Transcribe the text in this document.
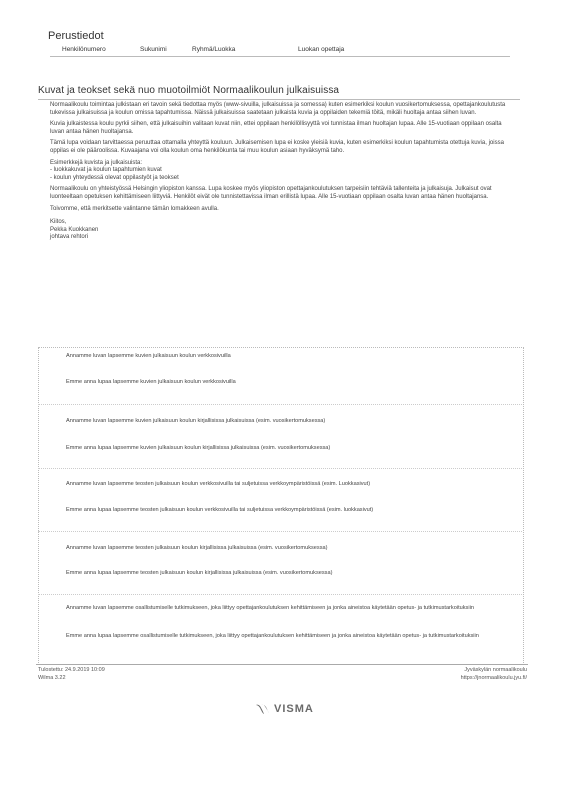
Perustiedot
Henkilönumero	Sukunimi	Ryhmä/Luokka	Luokan opettaja
Kuvat ja teokset sekä nuo muotoilmiöt Normaalikoulun julkaisuissa

Normaalikoulu toimintaa julkistaan eri tavoin sekä tiedottaa myös (www-sivuilla, julkaisuissa ja somessa) kuten esimerkiksi koulun vuosikertomuksessa, opettajankoulutusta tukevissa julkaisuissa ja koulun omissa tapahtumissa. Näissä julkaisuissa saatetaan julkaista kuvia ja oppilaiden tekemiä töitä, mikäli huoltaja antaa siihen luvan.

Kuvia julkaistessa koulu pyrkii siihen, että julkaisuihin valitaan kuvat niin, ettei oppilaan henkilöllisyyttä voi tunnistaa ilman huoltajan lupaa. Alle 15-vuotiaan oppilaan osalta luvan antaa hänen huoltajansa.

Tämä lupa voidaan tarvittaessa peruuttaa ottamalla yhteyttä kouluun. Julkaisemisen lupa ei koske yleisiä kuvia, kuten esimerkiksi koulun tapahtumista otettuja kuvia, joissa oppilas ei ole pääroolissa. Kuvaajana voi olla koulun oma henkilökunta tai muu koulun asiaan hyväksymä taho.

Esimerkkejä kuvista ja julkaisuista:
- luokkakuvat ja koulun tapahtumien kuvat
- koulun yhteydessä olevat oppilastyöt ja teokset

Normaalikoulu on yhteistyössä Helsingin yliopiston kanssa. Lupa koskee myös yliopiston opettajankoulutuksen tarpeisiin tehtäviä tallenteita ja julkaisuja. Julkaisut ovat luonteeltaan opetuksen kehittämiseen liittyviä. Henkilöt eivät ole tunnistettavissa ilman erillistä lupaa. Alle 15-vuotiaan oppilaan osalta luvan antaa hänen huoltajansa.

Toivomme, että merkitsette valintanne tämän lomakkeen avulla.

Kiitos,
Pekka Kuokkanen
johtava rehtori
Annamme luvan lapsemme kuvien julkaisuun koulun verkkosivuilla
Emme anna lupaa lapsemme kuvien julkaisuun koulun verkkosivuilla
Annamme luvan lapsemme kuvien julkaisuun koulun kirjallisissa julkaisuissa (esim. vuosikertomuksessa)
Emme anna lupaa lapsemme kuvien julkaisuun koulun kirjallisissa julkaisuissa (esim. vuosikertomuksessa)
Annamme luvan lapsemme teosten julkaisuun koulun verkkosivuilla tai suljetuissa verkkoympäristöissä (esim. Luokkasivut)
Emme anna lupaa lapsemme teosten julkaisuun koulun verkkosivuilla tai suljetuissa verkkoympäristöissä (esim. luokkasivut)
Annamme luvan lapsemme teosten julkaisuun koulun kirjallisissa julkaisuissa (esim. vuosikertomuksessa)
Emme anna lupaa lapsemme teosten julkaisuun koulun kirjallisissa julkaisuissa (esim. vuosikertomuksessa)
Annamme luvan lapsemme osallistumiselle tutkimukseen, joka liittyy opettajankoulutuksen kehittämiseen ja jonka aineistoa käytetään opetus- ja tutkimustarkoituksiin
Emme anna lupaa lapsemme osallistumiselle tutkimukseen, joka liittyy opettajankoulutuksen kehittämiseen ja jonka aineistoa käytetään opetus- ja tutkimustarkoituksiin
Tulostettu: 24.9.2019 10:09
Wilma 3.22
Jyväskylän normaalikoulu
https://jnormaalikoulu.jyu.fi/
VISMA
